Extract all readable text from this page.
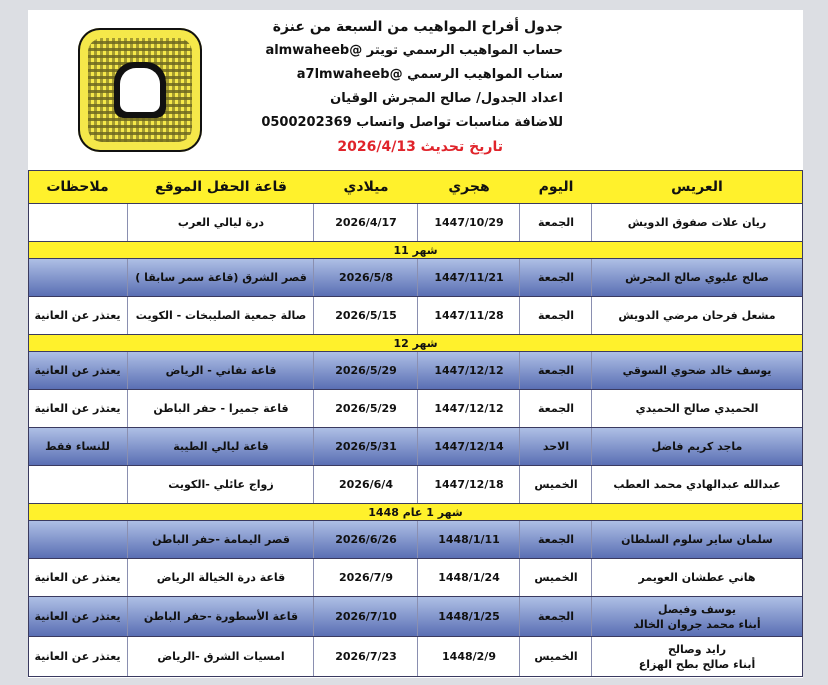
جدول أفراح المواهيب من السبعة من عنزة
حساب المواهيب الرسمي تويتر @almwaheeb
سناب المواهيب الرسمي @a7lmwaheeb
اعداد الجدول/ صالح المجرش الوقيان
للاضافة مناسبات تواصل واتساب 0500202369
تاريخ تحديث 2026/4/13
العريس
اليوم
هجري
ميلادي
قاعة الحفل الموقع
ملاحظات
ريان علات صفوق الدويش
الجمعة
1447/10/29
2026/4/17
درة ليالي العرب
شهر 11
صالح عليوي صالح المجرش
الجمعة
1447/11/21
2026/5/8
قصر الشرق (قاعة سمر سابقا )
مشعل فرحان مرضي الدويش
الجمعة
1447/11/28
2026/5/15
صالة جمعية الصليبخات - الكويت
يعتذر عن العانية
شهر 12
يوسف خالد ضحوي السوقي
الجمعة
1447/12/12
2026/5/29
قاعة تفاني - الرياض
يعتذر عن العانية
الحميدي صالح الحميدي
الجمعة
1447/12/12
2026/5/29
قاعة جميرا - حفر الباطن
يعتذر عن العانية
ماجد كريم فاضل
الاحد
1447/12/14
2026/5/31
قاعة ليالي الطيبة
للنساء فقط
عبدالله عبدالهادي محمد العطب
الخميس
1447/12/18
2026/6/4
زواج عائلي -الكويت
شهر 1 عام 1448
سلمان ساير سلوم السلطان
الجمعة
1448/1/11
2026/6/26
قصر اليمامة -حفر الباطن
هاني عطشان العويمر
الخميس
1448/1/24
2026/7/9
قاعة درة الخيالة الرياض
يعتذر عن العانية
يوسف وفيصل
أبناء محمد جروان الخالد
الجمعة
1448/1/25
2026/7/10
قاعة الأسطورة -حفر الباطن
يعتذر عن العانية
رايد وصالح
أبناء صالح بطح الهزاع
الخميس
1448/2/9
2026/7/23
امسيات الشرق -الرياض
يعتذر عن العانية
